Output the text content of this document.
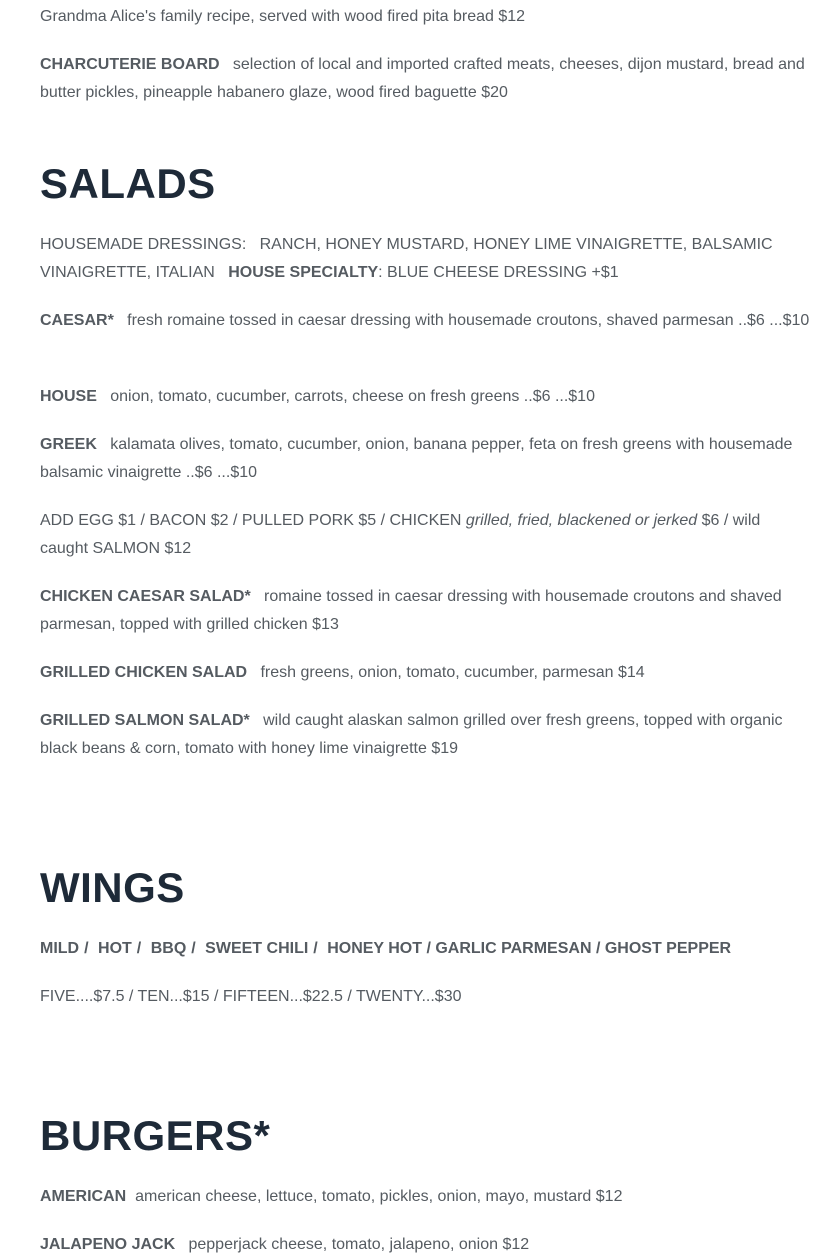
Grandma Alice's family recipe, served with wood fired pita bread $12

CHARCUTERIE BOARD selection of local and imported crafted meats, cheeses, dijon mustard, bread and butter pickles, pineapple habanero glaze, wood fired baguette $20

SALADS

HOUSEMADE DRESSINGS: RANCH, HONEY MUSTARD, HONEY LIME VINAIGRETTE, BALSAMIC VINAIGRETTE, ITALIAN HOUSE SPECIALTY: BLUE CHEESE DRESSING +$1

CAESAR* fresh romaine tossed in caesar dressing with housemade croutons, shaved parmesan ..$6 ...$10

HOUSE onion, tomato, cucumber, carrots, cheese on fresh greens ..$6 ...$10

GREEK kalamata olives, tomato, cucumber, onion, banana pepper, feta on fresh greens with housemade balsamic vinaigrette ..$6 ...$10

ADD EGG $1 / BACON $2 / PULLED PORK $5 / CHICKEN grilled, fried, blackened or jerked $6 / wild caught SALMON $12

CHICKEN CAESAR SALAD* romaine tossed in caesar dressing with housemade croutons and shaved parmesan, topped with grilled chicken $13

GRILLED CHICKEN SALAD fresh greens, onion, tomato, cucumber, parmesan $14

GRILLED SALMON SALAD* wild caught alaskan salmon grilled over fresh greens, topped with organic black beans & corn, tomato with honey lime vinaigrette $19

WINGS

MILD / HOT / BBQ / SWEET CHILI / HONEY HOT / GARLIC PARMESAN / GHOST PEPPER

FIVE....$7.5 / TEN...$15 / FIFTEEN...$22.5 / TWENTY...$30

BURGERS*

AMERICAN american cheese, lettuce, tomato, pickles, onion, mayo, mustard $12

JALAPENO JACK pepperjack cheese, tomato, jalapeno, onion $12
